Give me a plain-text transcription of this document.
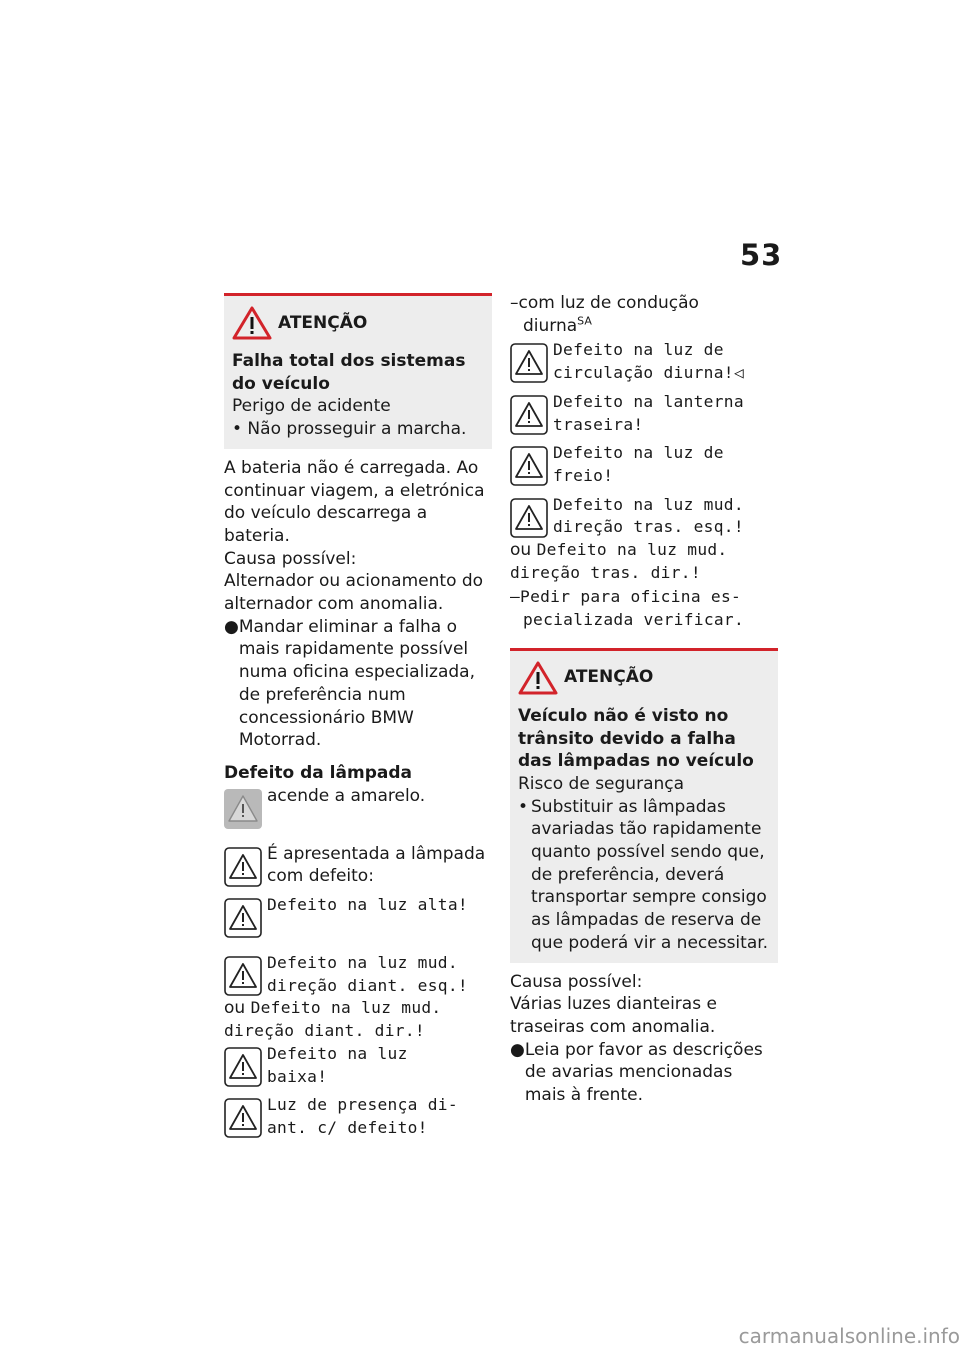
53
ATENÇÃO

Falha total dos sistemas do veículo

Perigo de acidente

• Não prosseguir a marcha.

A bateria não é carregada. Ao continuar viagem, a eletrónica do veículo descarrega a bateria.

Causa possível:

Alternador ou acionamento do alternador com anomalia.

● Mandar eliminar a falha o mais rapidamente possível numa oficina especializada, de preferência num concessionário BMW Motorrad.

Defeito da lâmpada

acende a amarelo.
É apresentada a lâmpada com defeito:
Defeito na luz alta!
Defeito na luz mud.
direção diant. esq.!

ou Defeito na luz mud.
direção diant. dir.!

Defeito na luz
baixa!
Luz de presença di-
ant. c/ defeito!

–com luz de condução
diurna$^{SA}$

Defeito na luz de
circulação diurna!◁
Defeito na lanterna
traseira!
Defeito na luz de
freio!
Defeito na luz mud.
direção tras. esq.!

ou Defeito na luz mud.
direção tras. dir.!

–Pedir para oficina es-
pecializada verificar.

ATENÇÃO

Veículo não é visto no trânsito devido a falha das lâmpadas no veículo

Risco de segurança

• Substituir as lâmpadas avariadas tão rapidamente quanto possível sendo que, de preferência, deverá transportar sempre consigo as lâmpadas de reserva de que poderá vir a necessitar.

Causa possível:

Várias luzes dianteiras e traseiras com anomalia.

● Leia por favor as descrições de avarias mencionadas mais à frente.
carmanualsonline.info
